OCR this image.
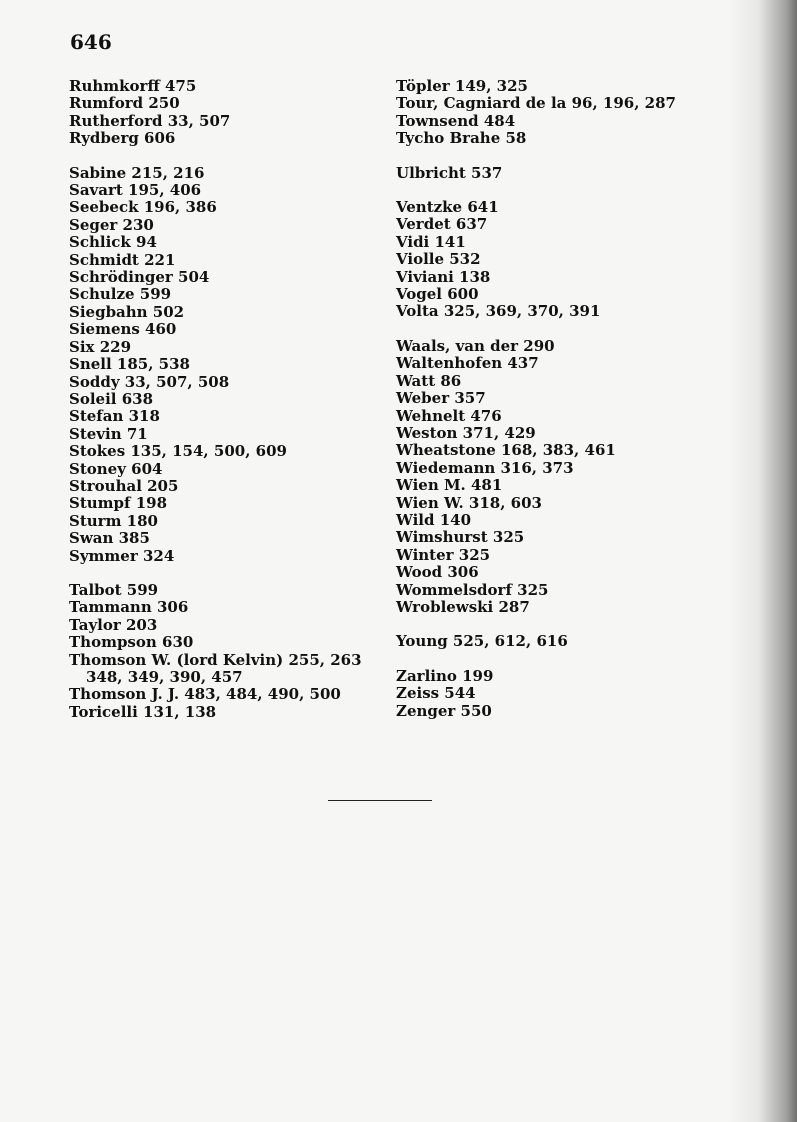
646
Ruhmkorff 475
Rumford 250
Rutherford 33, 507
Rydberg 606
Sabine 215, 216
Savart 195, 406
Seebeck 196, 386
Seger 230
Schlick 94
Schmidt 221
Schrödinger 504
Schulze 599
Siegbahn 502
Siemens 460
Six 229
Snell 185, 538
Soddy 33, 507, 508
Soleil 638
Stefan 318
Stevin 71
Stokes 135, 154, 500, 609
Stoney 604
Strouhal 205
Stumpf 198
Sturm 180
Swan 385
Symmer 324
Talbot 599
Tammann 306
Taylor 203
Thompson 630
Thomson W. (lord Kelvin) 255, 263 348, 349, 390, 457
Thomson J. J. 483, 484, 490, 500
Toricelli 131, 138
Töpler 149, 325
Tour, Cagniard de la 96, 196, 287
Townsend 484
Tycho Brahe 58
Ulbricht 537
Ventzke 641
Verdet 637
Vidi 141
Violle 532
Viviani 138
Vogel 600
Volta 325, 369, 370, 391
Waals, van der 290
Waltenhofen 437
Watt 86
Weber 357
Wehnelt 476
Weston 371, 429
Wheatstone 168, 383, 461
Wiedemann 316, 373
Wien M. 481
Wien W. 318, 603
Wild 140
Wimshurst 325
Winter 325
Wood 306
Wommelsdorf 325
Wroblewski 287
Young 525, 612, 616
Zarlino 199
Zeiss 544
Zenger 550
